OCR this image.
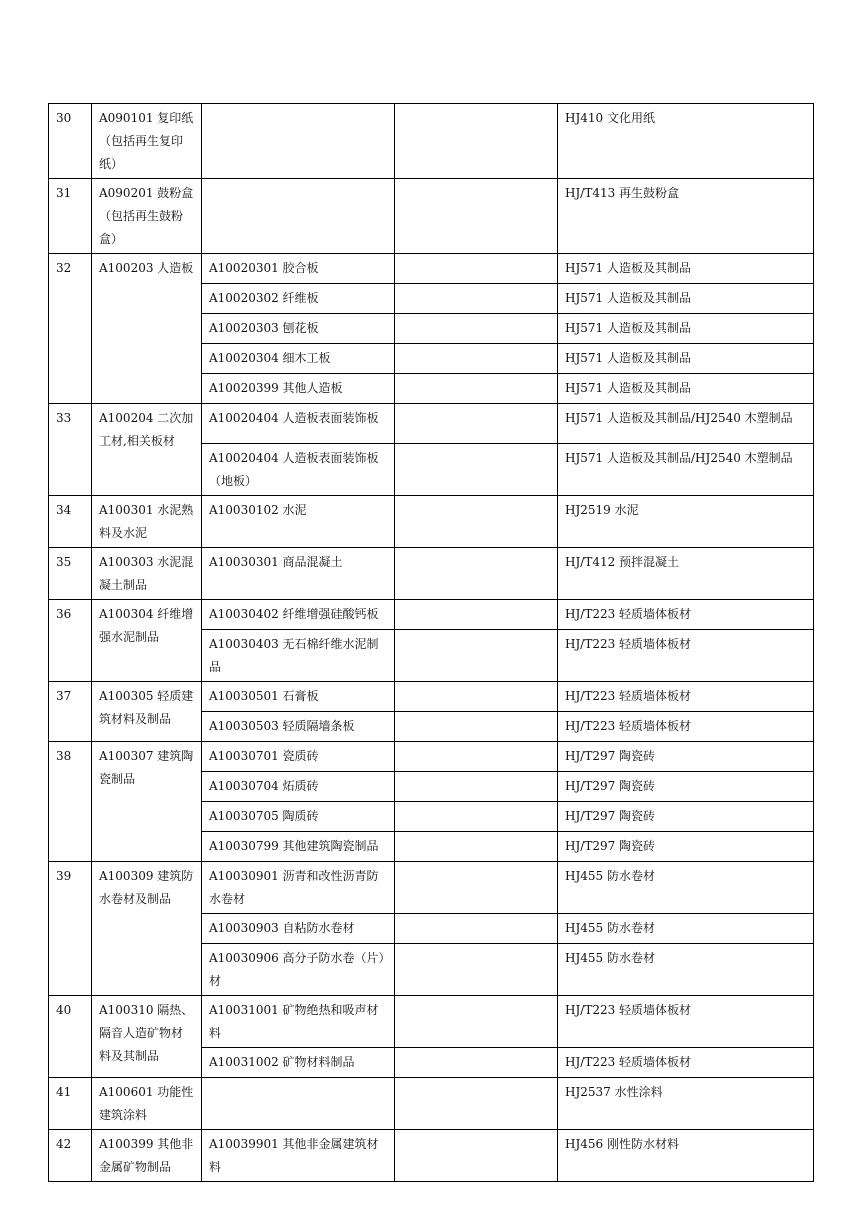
30	A090101 复印纸（包括再生复印纸）			HJ410 文化用纸
31	A090201 鼓粉盒（包括再生鼓粉盒）			HJ/T413 再生鼓粉盒
32	A100203 人造板	A10020301 胶合板		HJ571 人造板及其制品
		A10020302 纤维板		HJ571 人造板及其制品
		A10020303 刨花板		HJ571 人造板及其制品
		A10020304 细木工板		HJ571 人造板及其制品
		A10020399 其他人造板		HJ571 人造板及其制品
33	A100204 二次加工材,相关板材	A10020404 人造板表面装饰板		HJ571 人造板及其制品/HJ2540 木塑制品
		A10020404 人造板表面装饰板（地板）		HJ571 人造板及其制品/HJ2540 木塑制品
34	A100301 水泥熟料及水泥	A10030102 水泥		HJ2519 水泥
35	A100303 水泥混凝土制品	A10030301 商品混凝土		HJ/T412 预拌混凝土
36	A100304 纤维增强水泥制品	A10030402 纤维增强硅酸钙板		HJ/T223 轻质墙体板材
		A10030403 无石棉纤维水泥制品		HJ/T223 轻质墙体板材
37	A100305 轻质建筑材料及制品	A10030501 石膏板		HJ/T223 轻质墙体板材
		A10030503 轻质隔墙条板		HJ/T223 轻质墙体板材
38	A100307 建筑陶瓷制品	A10030701 瓷质砖		HJ/T297 陶瓷砖
		A10030704 炻质砖		HJ/T297 陶瓷砖
		A10030705 陶质砖		HJ/T297 陶瓷砖
		A10030799 其他建筑陶瓷制品		HJ/T297 陶瓷砖
39	A100309 建筑防水卷材及制品	A10030901 沥青和改性沥青防水卷材		HJ455 防水卷材
		A10030903 自粘防水卷材		HJ455 防水卷材
		A10030906 高分子防水卷（片）材		HJ455 防水卷材
40	A100310 隔热、隔音人造矿物材料及其制品	A10031001 矿物绝热和吸声材料		HJ/T223 轻质墙体板材
		A10031002 矿物材料制品		HJ/T223 轻质墙体板材
41	A100601 功能性建筑涂料			HJ2537 水性涂料
42	A100399 其他非金属矿物制品	A10039901 其他非金属建筑材料		HJ456 刚性防水材料
